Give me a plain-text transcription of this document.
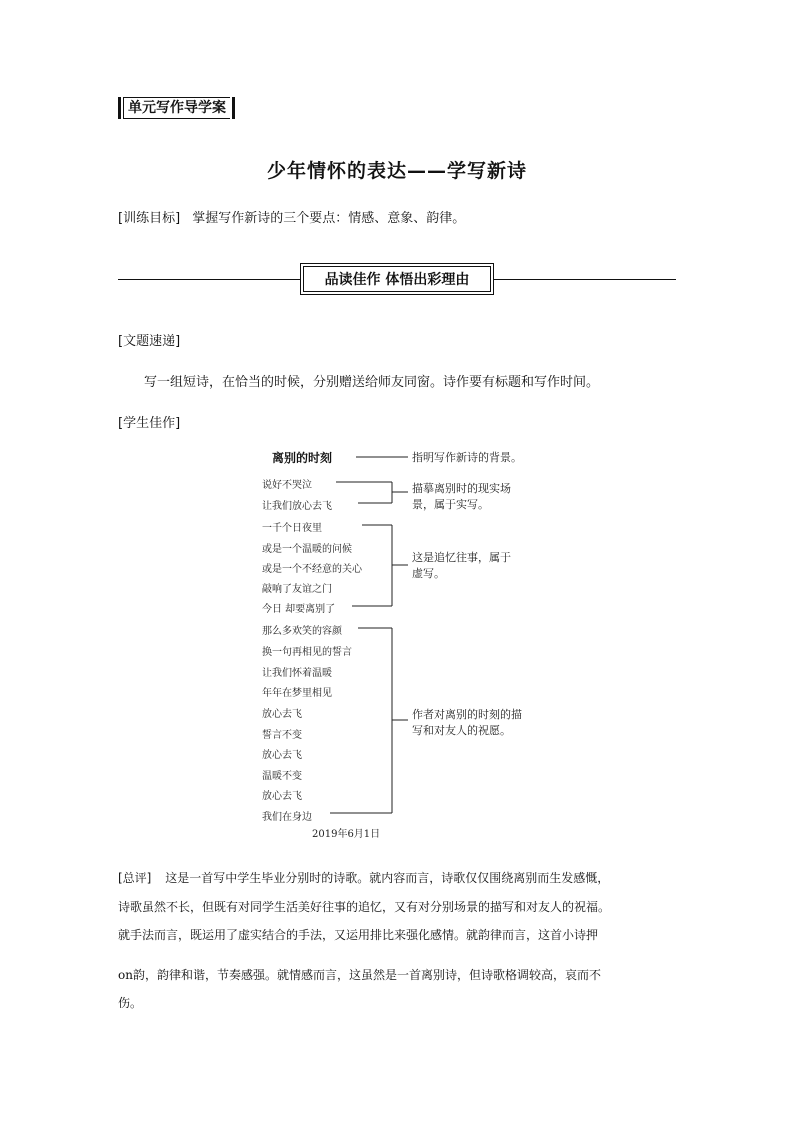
单元写作导学案
少年情怀的表达——学写新诗
[训练目标] 掌握写作新诗的三个要点：情感、意象、韵律。
品读佳作 体悟出彩理由
[文题速递]
写一组短诗，在恰当的时候，分别赠送给师友同窗。诗作要有标题和写作时间。
[学生佳作]
离别的时刻
说好不哭泣
让我们放心去飞
一千个日夜里
或是一个温暖的问候
或是一个不经意的关心
敲响了友谊之门
今日 却要离别了
那么多欢笑的容颜
换一句再相见的誓言
让我们怀着温暖
年年在梦里相见
放心去飞
誓言不变
放心去飞
温暖不变
放心去飞
我们在身边
2019年6月1日
指明写作新诗的背景。
描摹离别时的现实场
景，属于实写。
这是追忆往事，属于
虚写。
作者对离别的时刻的描
写和对友人的祝愿。
[总评] 这是一首写中学生毕业分别时的诗歌。就内容而言，诗歌仅仅围绕离别而生发感慨，
诗歌虽然不长，但既有对同学生活美好往事的追忆，又有对分别场景的描写和对友人的祝福。
就手法而言，既运用了虚实结合的手法，又运用排比来强化感情。就韵律而言，这首小诗押
on韵，韵律和谐，节奏感强。就情感而言，这虽然是一首离别诗，但诗歌格调较高，哀而不
伤。
